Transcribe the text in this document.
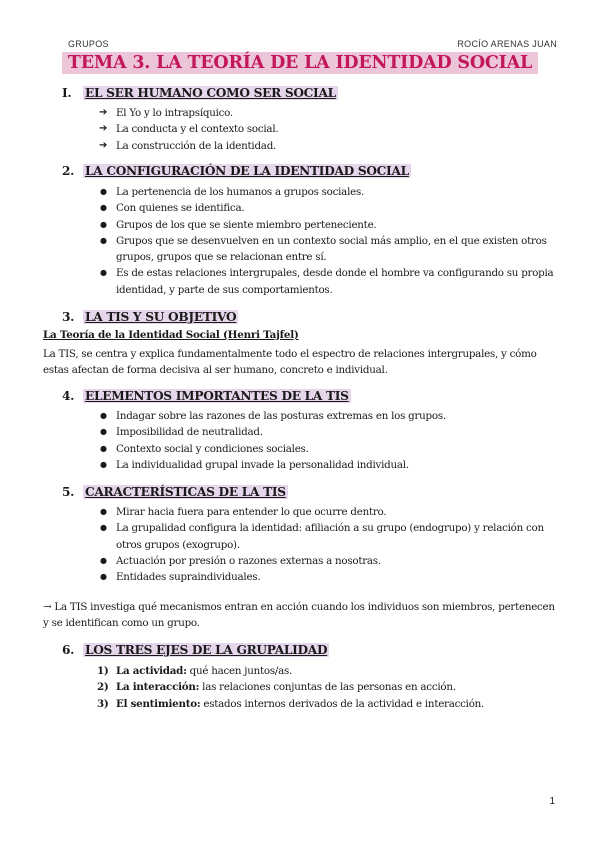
GRUPOS	ROCÍO ARENAS JUAN
TEMA 3. LA TEORÍA DE LA IDENTIDAD SOCIAL
I. EL SER HUMANO COMO SER SOCIAL
➔ El Yo y lo intrapsíquico.
➔ La conducta y el contexto social.
➔ La construcción de la identidad.
2. LA CONFIGURACIÓN DE LA IDENTIDAD SOCIAL
● La pertenencia de los humanos a grupos sociales.
● Con quienes se identifica.
● Grupos de los que se siente miembro perteneciente.
● Grupos que se desenvuelven en un contexto social más amplio, en el que existen otros grupos, grupos que se relacionan entre sí.
● Es de estas relaciones intergrupales, desde donde el hombre va configurando su propia identidad, y parte de sus comportamientos.
3. LA TIS Y SU OBJETIVO
La Teoría de la Identidad Social (Henri Tajfel)
La TIS, se centra y explica fundamentalmente todo el espectro de relaciones intergrupales, y cómo estas afectan de forma decisiva al ser humano, concreto e individual.
4. ELEMENTOS IMPORTANTES DE LA TIS
● Indagar sobre las razones de las posturas extremas en los grupos.
● Imposibilidad de neutralidad.
● Contexto social y condiciones sociales.
● La individualidad grupal invade la personalidad individual.
5. CARACTERÍSTICAS DE LA TIS
● Mirar hacia fuera para entender lo que ocurre dentro.
● La grupalidad configura la identidad: afiliación a su grupo (endogrupo) y relación con otros grupos (exogrupo).
● Actuación por presión o razones externas a nosotras.
● Entidades supraindividuales.
→ La TIS investiga qué mecanismos entran en acción cuando los individuos son miembros, pertenecen y se identifican como un grupo.
6. LOS TRES EJES DE LA GRUPALIDAD
1) La actividad: qué hacen juntos/as.
2) La interacción: las relaciones conjuntas de las personas en acción.
3) El sentimiento: estados internos derivados de la actividad e interacción.
1
